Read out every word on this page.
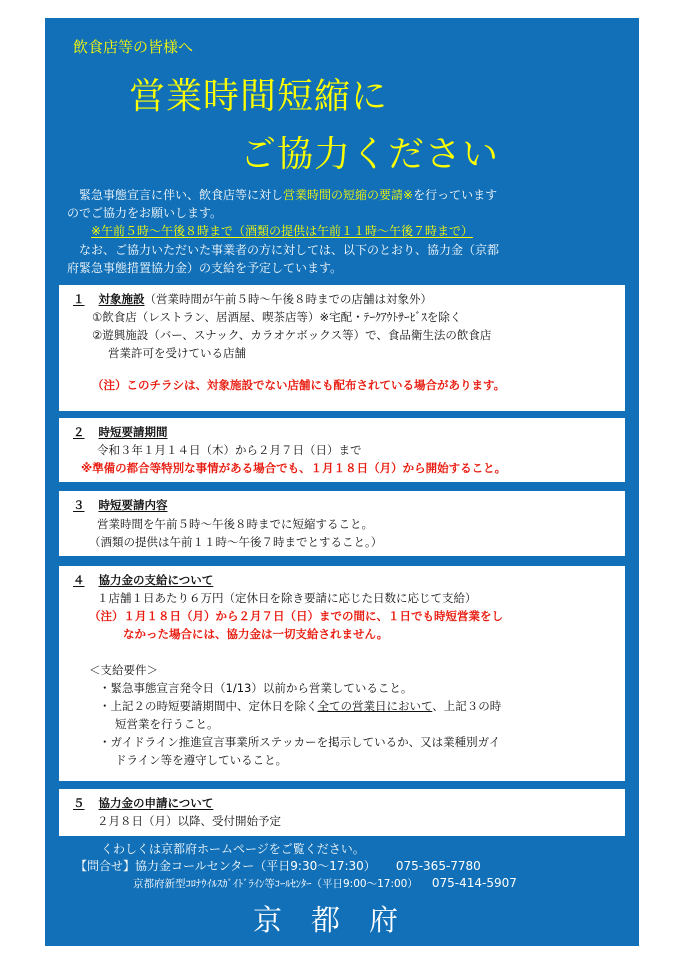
飲食店等の皆様へ
営業時間短縮に
ご協力ください
緊急事態宣言に伴い、飲食店等に対し営業時間の短縮の要請※を行っています
のでご協力をお願いします。
※午前５時～午後８時まで（酒類の提供は午前１１時～午後７時まで）
なお、ご協力いただいた事業者の方に対しては、以下のとおり、協力金（京都
府緊急事態措置協力金）の支給を予定しています。
１ 対象施設（営業時間が午前５時～午後８時までの店舗は対象外）
①飲食店（レストラン、居酒屋、喫茶店等）※宅配・ﾃｰｸｱｳﾄｻｰﾋﾞｽを除く
②遊興施設（バー、スナック、カラオケボックス等）で、食品衛生法の飲食店
営業許可を受けている店舗
（注）このチラシは、対象施設でない店舗にも配布されている場合があります。
２ 時短要請期間
令和３年１月１４日（木）から２月７日（日）まで
※準備の都合等特別な事情がある場合でも、１月１８日（月）から開始すること。
３ 時短要請内容
営業時間を午前５時～午後８時までに短縮すること。
（酒類の提供は午前１１時～午後７時までとすること。）
４ 協力金の支給について
１店舗１日あたり６万円（定休日を除き要請に応じた日数に応じて支給）
（注）１月１８日（月）から２月７日（日）までの間に、１日でも時短営業をし
なかった場合には、協力金は一切支給されません。
＜支給要件＞
・緊急事態宣言発令日（1/13）以前から営業していること。
・上記２の時短要請期間中、定休日を除く全ての営業日において、上記３の時
短営業を行うこと。
・ガイドライン推進宣言事業所ステッカーを掲示しているか、又は業種別ガイ
ドライン等を遵守していること。
５ 協力金の申請について
２月８日（月）以降、受付開始予定
くわしくは京都府ホームページをご覧ください。
【問合せ】協力金コールセンター（平日9:30～17:30） 075-365-7780
京都府新型ｺﾛﾅｳｲﾙｽｶﾞｲﾄﾞﾗｲﾝ等ｺｰﾙｾﾝﾀｰ（平日9:00～17:00） 075-414-5907
京　都　府
